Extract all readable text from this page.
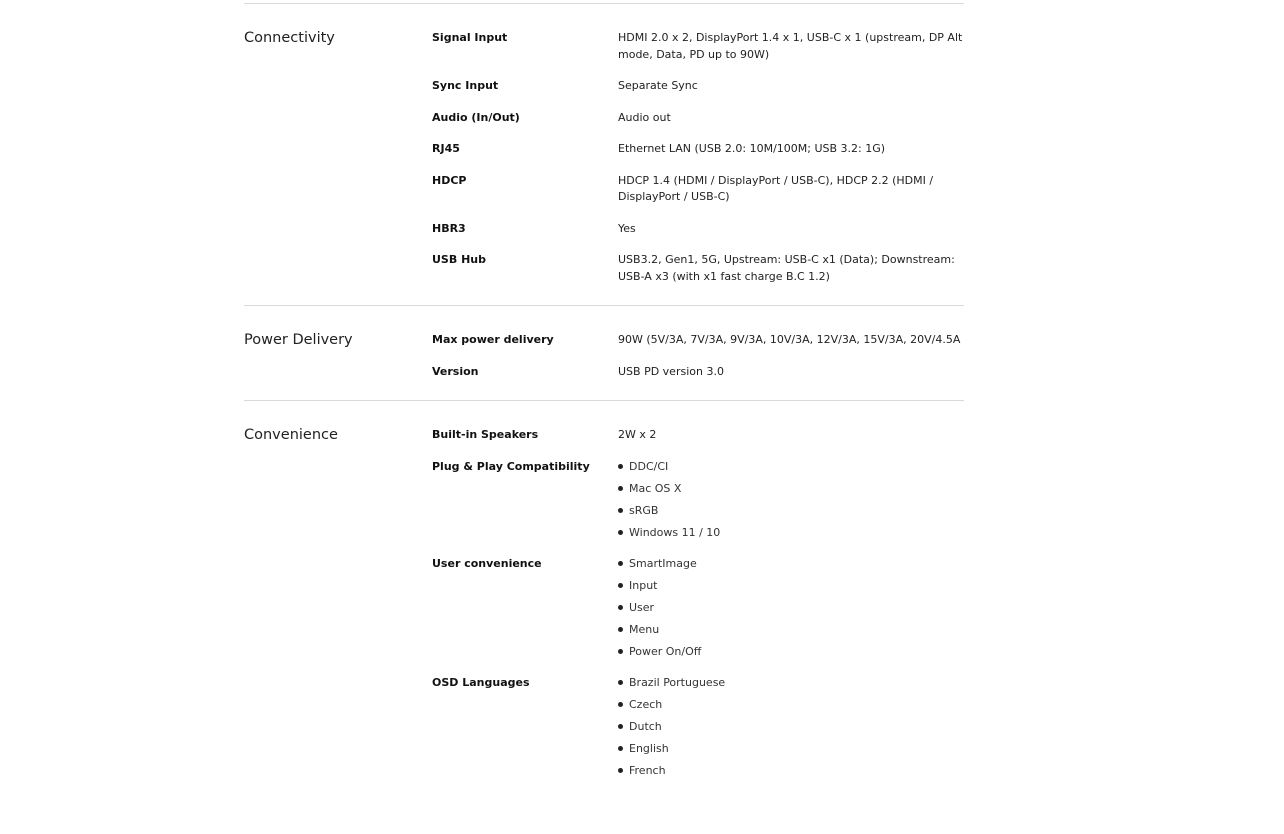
Connectivity	Signal Input	HDMI 2.0 x 2, DisplayPort 1.4 x 1, USB-C x 1 (upstream, DP Alt mode, Data, PD up to 90W)
Sync Input	Separate Sync
Audio (In/Out)	Audio out
RJ45	Ethernet LAN (USB 2.0: 10M/100M; USB 3.2: 1G)
HDCP	HDCP 1.4 (HDMI / DisplayPort / USB-C), HDCP 2.2 (HDMI / DisplayPort / USB-C)
HBR3	Yes
USB Hub	USB3.2, Gen1, 5G, Upstream: USB-C x1 (Data); Downstream: USB-A x3 (with x1 fast charge B.C 1.2)
Power Delivery	Max power delivery	90W (5V/3A, 7V/3A, 9V/3A, 10V/3A, 12V/3A, 15V/3A, 20V/4.5A
Version	USB PD version 3.0
Convenience	Built-in Speakers	2W x 2
Plug & Play Compatibility	DDC/CI
Mac OS X
sRGB
Windows 11 / 10
User convenience	SmartImage
Input
User
Menu
Power On/Off
OSD Languages	Brazil Portuguese
Czech
Dutch
English
French
